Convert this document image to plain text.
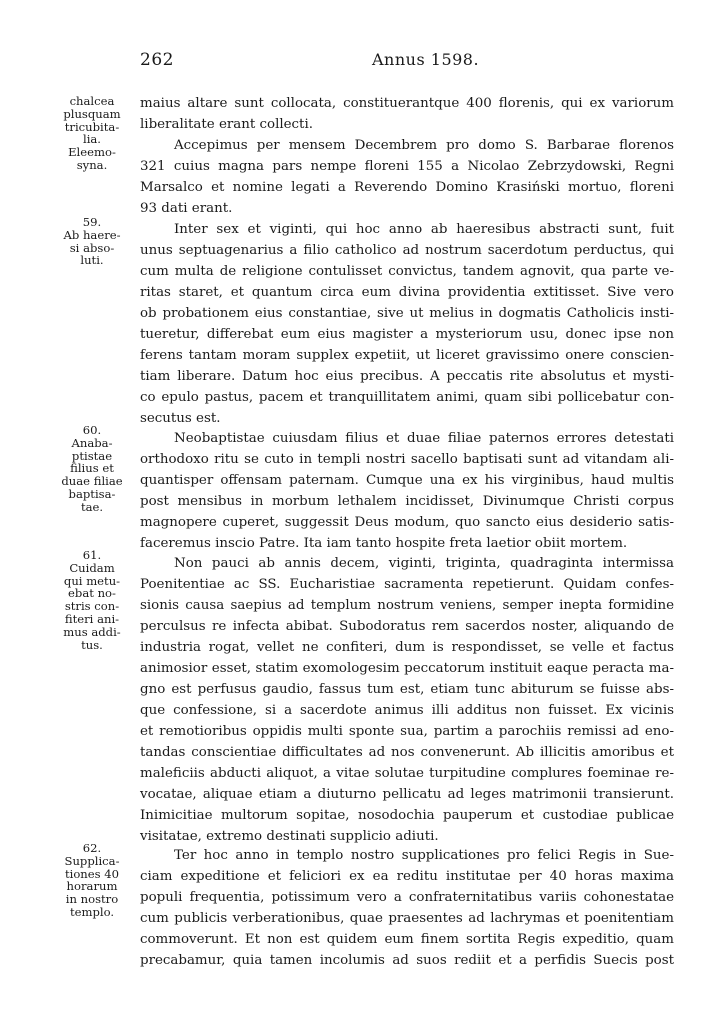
262	Annus 1598.
chalcea
plusquam
tricubita-
lia.
Eleemo-
syna.
59.
Ab haere-
si abso-
luti.
60.
Anaba-
ptistae
filius et
duae filiae
baptisa-
tae.
61.
Cuidam
qui metu-
ebat no-
stris con-
fiteri ani-
mus addi-
tus.
62.
Supplica-
tiones 40
horarum
in nostro
templo.
maius altare sunt collocata, constituerantque 400 florenis, qui ex variorum
liberalitate erant collecti.
Accepimus per mensem Decembrem pro domo S. Barbarae florenos
321 cuius magna pars nempe floreni 155 a Nicolao Zebrzydowski, Regni
Marsalco et nomine legati a Reverendo Domino Krasiński mortuo, floreni
93 dati erant.
Inter sex et viginti, qui hoc anno ab haeresibus abstracti sunt, fuit
unus septuagenarius a filio catholico ad nostrum sacerdotum perductus, qui
cum multa de religione contulisset convictus, tandem agnovit, qua parte ve-
ritas staret, et quantum circa eum divina providentia extitisset. Sive vero
ob probationem eius constantiae, sive ut melius in dogmatis Catholicis insti-
tueretur, differebat eum eius magister a mysteriorum usu, donec ipse non
ferens tantam moram supplex expetiit, ut liceret gravissimo onere conscien-
tiam liberare. Datum hoc eius precibus. A peccatis rite absolutus et mysti-
co epulo pastus, pacem et tranquillitatem animi, quam sibi pollicebatur con-
secutus est.
Neobaptistae cuiusdam filius et duae filiae paternos errores detestati
orthodoxo ritu se cuto in templi nostri sacello baptisati sunt ad vitandam ali-
quantisper offensam paternam. Cumque una ex his virginibus, haud multis
post mensibus in morbum lethalem incidisset, Divinumque Christi corpus
magnopere cuperet, suggessit Deus modum, quo sancto eius desiderio satis-
faceremus inscio Patre. Ita iam tanto hospite freta laetior obiit mortem.
Non pauci ab annis decem, viginti, triginta, quadraginta intermissa
Poenitentiae ac SS. Eucharistiae sacramenta repetierunt. Quidam confes-
sionis causa saepius ad templum nostrum veniens, semper inepta formidine
perculsus re infecta abibat. Subodoratus rem sacerdos noster, aliquando de
industria rogat, vellet ne confiteri, dum is respondisset, se velle et factus
animosior esset, statim exomologesim peccatorum instituit eaque peracta ma-
gno est perfusus gaudio, fassus tum est, etiam tunc abiturum se fuisse abs-
que confessione, si a sacerdote animus illi additus non fuisset. Ex vicinis
et remotioribus oppidis multi sponte sua, partim a parochiis remissi ad eno-
tandas conscientiae difficultates ad nos convenerunt. Ab illicitis amoribus et
maleficiis abducti aliquot, a vitae solutae turpitudine complures foeminae re-
vocatae, aliquae etiam a diuturno pellicatu ad leges matrimonii transierunt.
Inimicitiae multorum sopitae, nosodochia pauperum et custodiae publicae
visitatae, extremo destinati supplicio adiuti.
Ter hoc anno in templo nostro supplicationes pro felici Regis in Sue-
ciam expeditione et feliciori ex ea reditu institutae per 40 horas maxima
populi frequentia, potissimum vero a confraternitatibus variis cohonestatae
cum publicis verberationibus, quae praesentes ad lachrymas et poenitentiam
commoverunt. Et non est quidem eum finem sortita Regis expeditio, quam
precabamur, quia tamen incolumis ad suos rediit et a perfidis Suecis post
